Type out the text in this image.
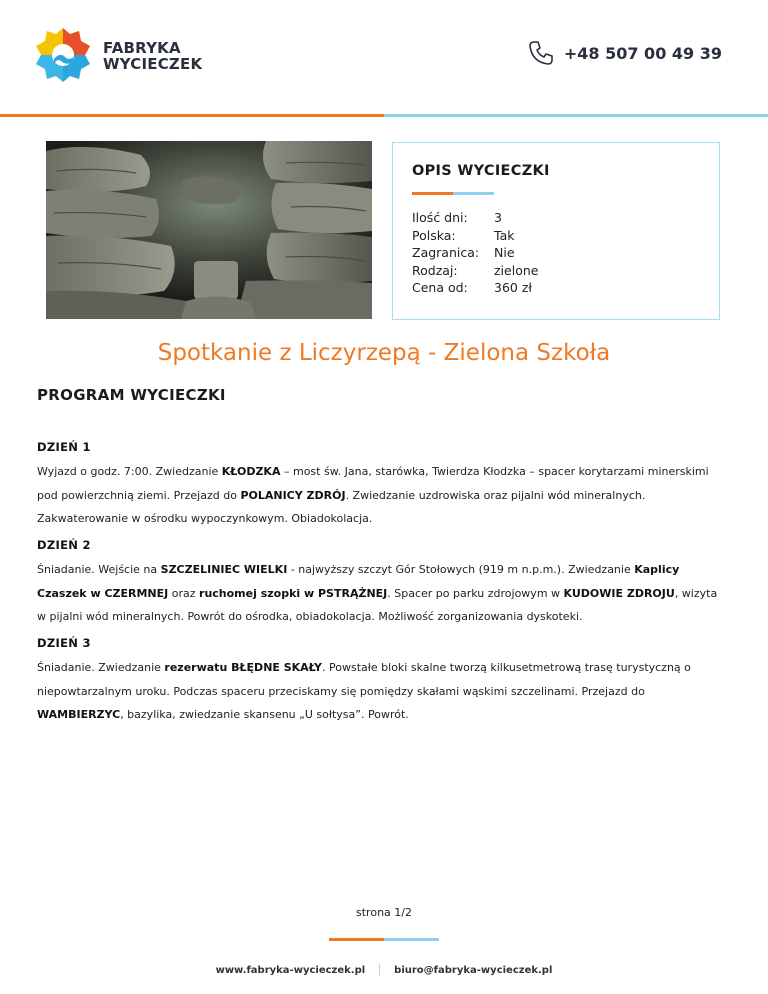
FABRYKA
WYCIECZEK
+48 507 00 49 39
OPIS WYCIECZKI
Ilość dni:	3
Polska:	Tak
Zagranica:	Nie
Rodzaj:	zielone
Cena od:	360 zł
Spotkanie z Liczyrzepą - Zielona Szkoła
PROGRAM WYCIECZKI
DZIEŃ 1
Wyjazd o godz. 7:00. Zwiedzanie KŁODZKA – most św. Jana, starówka, Twierdza Kłodzka – spacer korytarzami minerskimi pod powierzchnią ziemi. Przejazd do POLANICY ZDRÓJ. Zwiedzanie uzdrowiska oraz pijalni wód mineralnych. Zakwaterowanie w ośrodku wypoczynkowym. Obiadokolacja.
DZIEŃ 2
Śniadanie. Wejście na SZCZELINIEC WIELKI - najwyższy szczyt Gór Stołowych (919 m n.p.m.). Zwiedzanie Kaplicy Czaszek w CZERMNEJ oraz ruchomej szopki w PSTRĄŻNEJ. Spacer po parku zdrojowym w KUDOWIE ZDROJU, wizyta w pijalni wód mineralnych. Powrót do ośrodka, obiadokolacja. Możliwość zorganizowania dyskoteki.
DZIEŃ 3
Śniadanie. Zwiedzanie rezerwatu BŁĘDNE SKAŁY. Powstałe bloki skalne tworzą kilkusetmetrową trasę turystyczną o niepowtarzalnym uroku. Podczas spaceru przeciskamy się pomiędzy skałami wąskimi szczelinami. Przejazd do WAMBIERZYC, bazylika, zwiedzanie skansenu „U sołtysa”. Powrót.
strona 1/2
www.fabryka-wycieczek.pl	biuro@fabryka-wycieczek.pl
